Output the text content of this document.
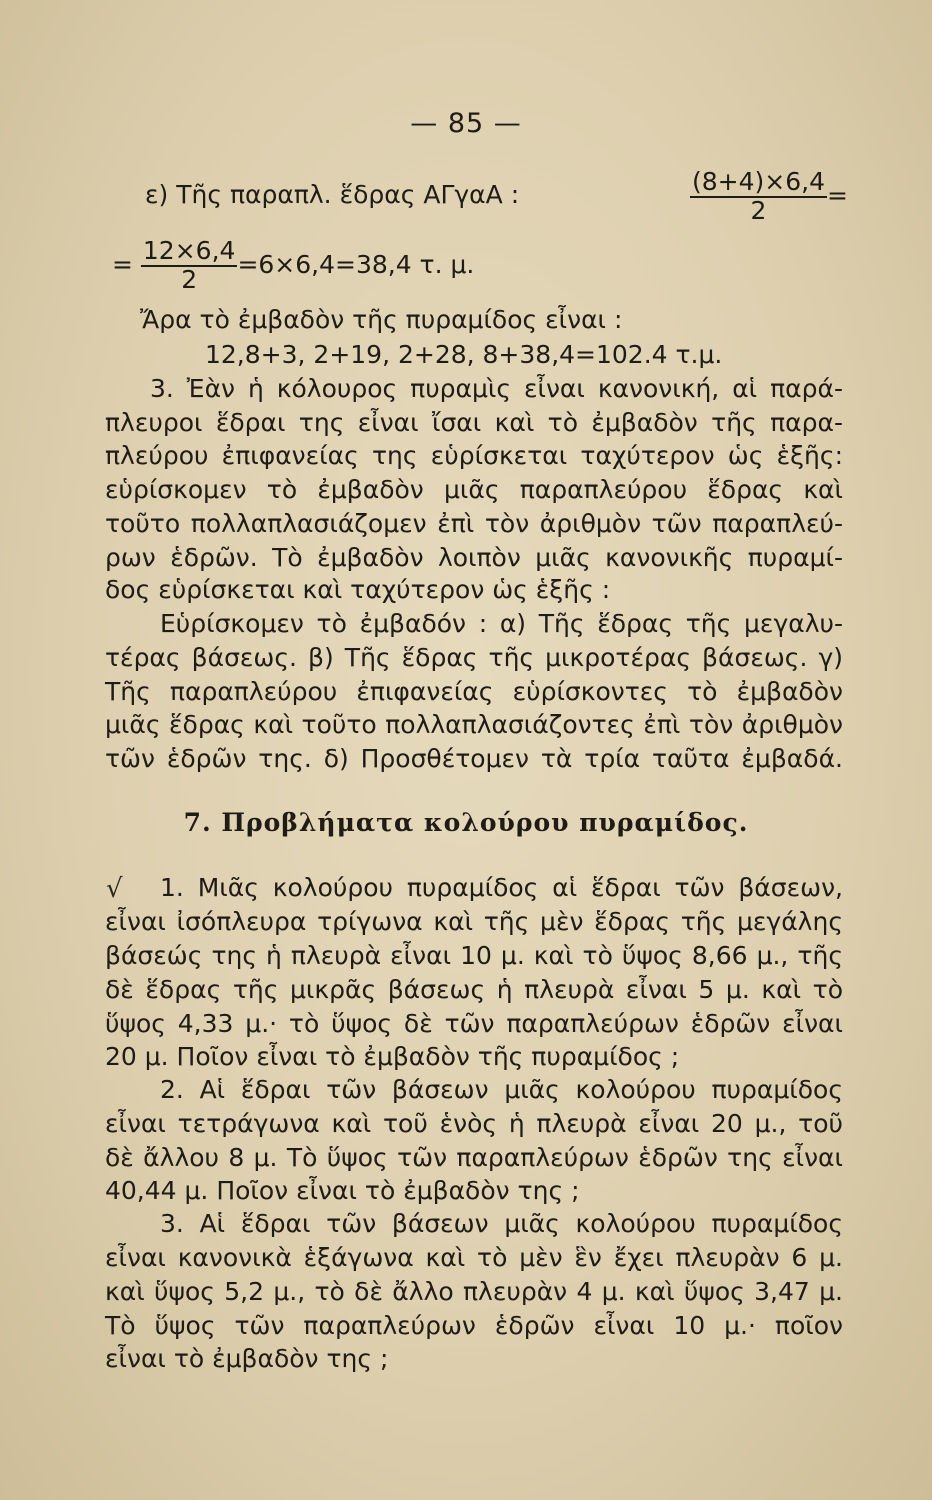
— 85 —
ε) Τῆς παραπλ. ἕδρας ΑΓγαΑ :	$\frac{(8+4)\times 6,4}{2}$ =
= $\frac{12\times 6,4}{2} =6\times 6,4=38,4$ τ. μ.
Ἄρα τὸ ἐμβαδὸν τῆς πυραμίδος εἶναι :
12,8+3, 2+19, 2+28, 8+38,4=102.4 τ.μ.
3. Ἐὰν ἡ κόλουρος πυραμὶς εἶναι κανονική, αἱ παρά-
πλευροι ἕδραι της εἶναι ἴσαι καὶ τὸ ἐμβαδὸν τῆς παρα-
πλεύρου ἐπιφανείας της εὑρίσκεται ταχύτερον ὡς ἑξῆς:
εὑρίσκομεν τὸ ἐμβαδὸν μιᾶς παραπλεύρου ἕδρας καὶ
τοῦτο πολλαπλασιάζομεν ἐπὶ τὸν ἀριθμὸν τῶν παραπλεύ-
ρων ἑδρῶν. Τὸ ἐμβαδὸν λοιπὸν μιᾶς κανονικῆς πυραμί-
δος εὑρίσκεται καὶ ταχύτερον ὡς ἑξῆς :
Εὑρίσκομεν τὸ ἐμβαδόν : α) Τῆς ἕδρας τῆς μεγαλυ-
τέρας βάσεως. β) Τῆς ἕδρας τῆς μικροτέρας βάσεως. γ)
Τῆς παραπλεύρου ἐπιφανείας εὑρίσκοντες τὸ ἐμβαδὸν
μιᾶς ἕδρας καὶ τοῦτο πολλαπλασιάζοντες ἐπὶ τὸν ἀριθμὸν
τῶν ἑδρῶν της. δ) Προσθέτομεν τὰ τρία ταῦτα ἐμβαδά.
7. Προβλήματα κολούρου πυραμίδος.
√ 1. Μιᾶς κολούρου πυραμίδος αἱ ἕδραι τῶν βάσεων,
εἶναι ἰσόπλευρα τρίγωνα καὶ τῆς μὲν ἕδρας τῆς μεγάλης
βάσεώς της ἡ πλευρὰ εἶναι 10 μ. καὶ τὸ ὕψος 8,66 μ., τῆς
δὲ ἕδρας τῆς μικρᾶς βάσεως ἡ πλευρὰ εἶναι 5 μ. καὶ τὸ
ὕψος 4,33 μ.· τὸ ὕψος δὲ τῶν παραπλεύρων ἑδρῶν εἶναι
20 μ. Ποῖον εἶναι τὸ ἐμβαδὸν τῆς πυραμίδος ;
2. Αἱ ἕδραι τῶν βάσεων μιᾶς κολούρου πυραμίδος
εἶναι τετράγωνα καὶ τοῦ ἑνὸς ἡ πλευρὰ εἶναι 20 μ., τοῦ
δὲ ἄλλου 8 μ. Τὸ ὕψος τῶν παραπλεύρων ἑδρῶν της εἶναι
40,44 μ. Ποῖον εἶναι τὸ ἐμβαδὸν της ;
3. Αἱ ἕδραι τῶν βάσεων μιᾶς κολούρου πυραμίδος
εἶναι κανονικὰ ἑξάγωνα καὶ τὸ μὲν ἓν ἔχει πλευρὰν 6 μ.
καὶ ὕψος 5,2 μ., τὸ δὲ ἄλλο πλευρὰν 4 μ. καὶ ὕψος 3,47 μ.
Τὸ ὕψος τῶν παραπλεύρων ἑδρῶν εἶναι 10 μ.· ποῖον
εἶναι τὸ ἐμβαδὸν της ;
